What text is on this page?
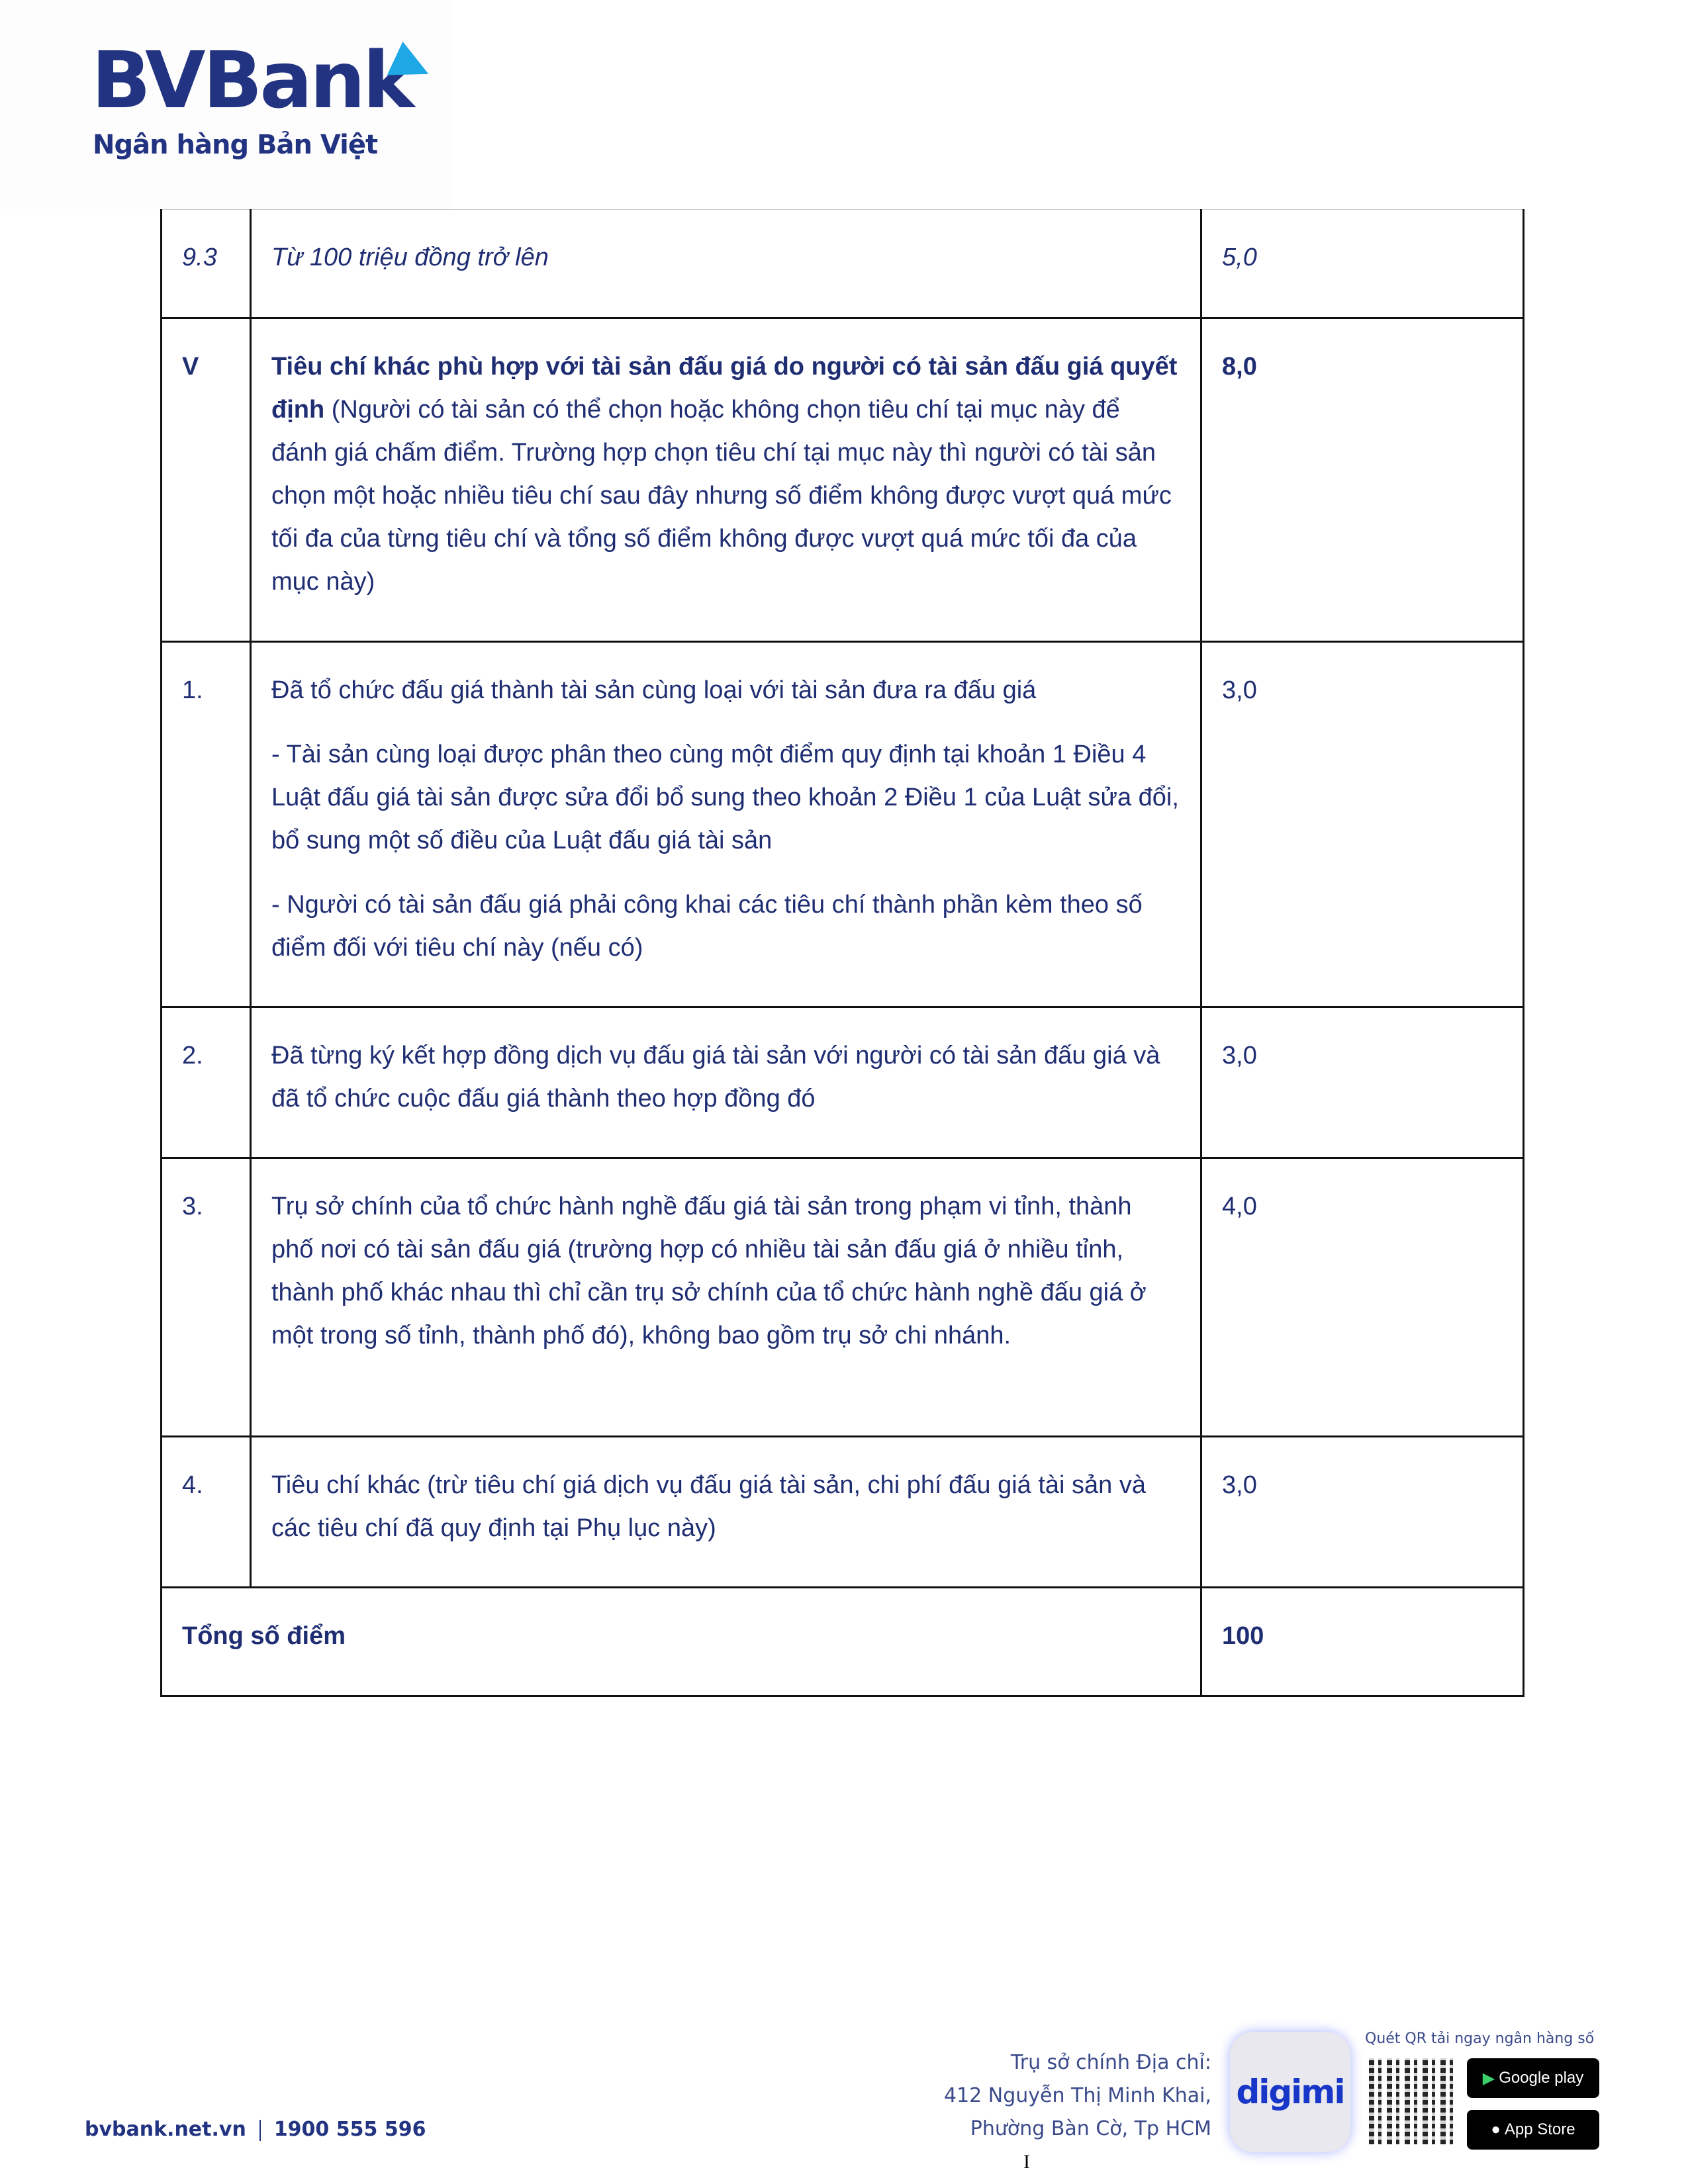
BVBank
Ngân hàng Bản Việt
9.3	Từ 100 triệu đồng trở lên	5,0
V	Tiêu chí khác phù hợp với tài sản đấu giá do người có tài sản đấu giá quyết định (Người có tài sản có thể chọn hoặc không chọn tiêu chí tại mục này để đánh giá chấm điểm. Trường hợp chọn tiêu chí tại mục này thì người có tài sản chọn một hoặc nhiều tiêu chí sau đây nhưng số điểm không được vượt quá mức tối đa của từng tiêu chí và tổng số điểm không được vượt quá mức tối đa của mục này)	8,0
1.	Đã tổ chức đấu giá thành tài sản cùng loại với tài sản đưa ra đấu giá

- Tài sản cùng loại được phân theo cùng một điểm quy định tại khoản 1 Điều 4 Luật đấu giá tài sản được sửa đổi bổ sung theo khoản 2 Điều 1 của Luật sửa đổi, bổ sung một số điều của Luật đấu giá tài sản

- Người có tài sản đấu giá phải công khai các tiêu chí thành phần kèm theo số điểm đối với tiêu chí này (nếu có)	3,0
2.	Đã từng ký kết hợp đồng dịch vụ đấu giá tài sản với người có tài sản đấu giá và đã tổ chức cuộc đấu giá thành theo hợp đồng đó	3,0
3.	Trụ sở chính của tổ chức hành nghề đấu giá tài sản trong phạm vi tỉnh, thành phố nơi có tài sản đấu giá (trường hợp có nhiều tài sản đấu giá ở nhiều tỉnh, thành phố khác nhau thì chỉ cần trụ sở chính của tổ chức hành nghề đấu giá ở một trong số tỉnh, thành phố đó), không bao gồm trụ sở chi nhánh.	4,0
4.	Tiêu chí khác (trừ tiêu chí giá dịch vụ đấu giá tài sản, chi phí đấu giá tài sản và các tiêu chí đã quy định tại Phụ lục này)	3,0
Tổng số điểm		100
bvbank.net.vn 1900 555 596
Trụ sở chính Địa chỉ:
412 Nguyễn Thị Minh Khai,
Phường Bàn Cờ, Tp HCM
digimi
Quét QR tải ngay ngân hàng số
▶ Google play
● App Store
I
